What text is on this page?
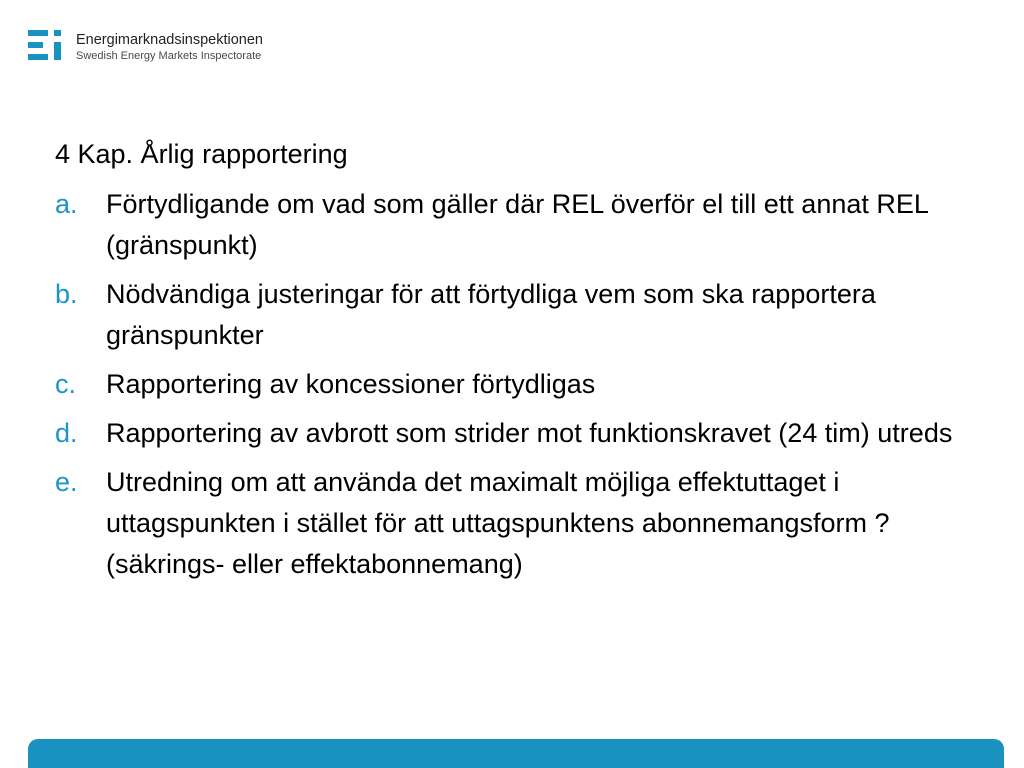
Energimarknadsinspektionen
Swedish Energy Markets Inspectorate
4 Kap. Årlig rapportering
a.	Förtydligande om vad som gäller där REL överför el till ett annat REL (gränspunkt)
b.	Nödvändiga justeringar för att förtydliga vem som ska rapportera gränspunkter
c.	Rapportering av koncessioner förtydligas
d.	Rapportering av avbrott som strider mot funktionskravet (24 tim) utreds
e.	Utredning om att använda det maximalt möjliga effektuttaget i uttagspunkten i stället för att uttagspunktens abonnemangsform ?(säkrings- eller effektabonnemang)
